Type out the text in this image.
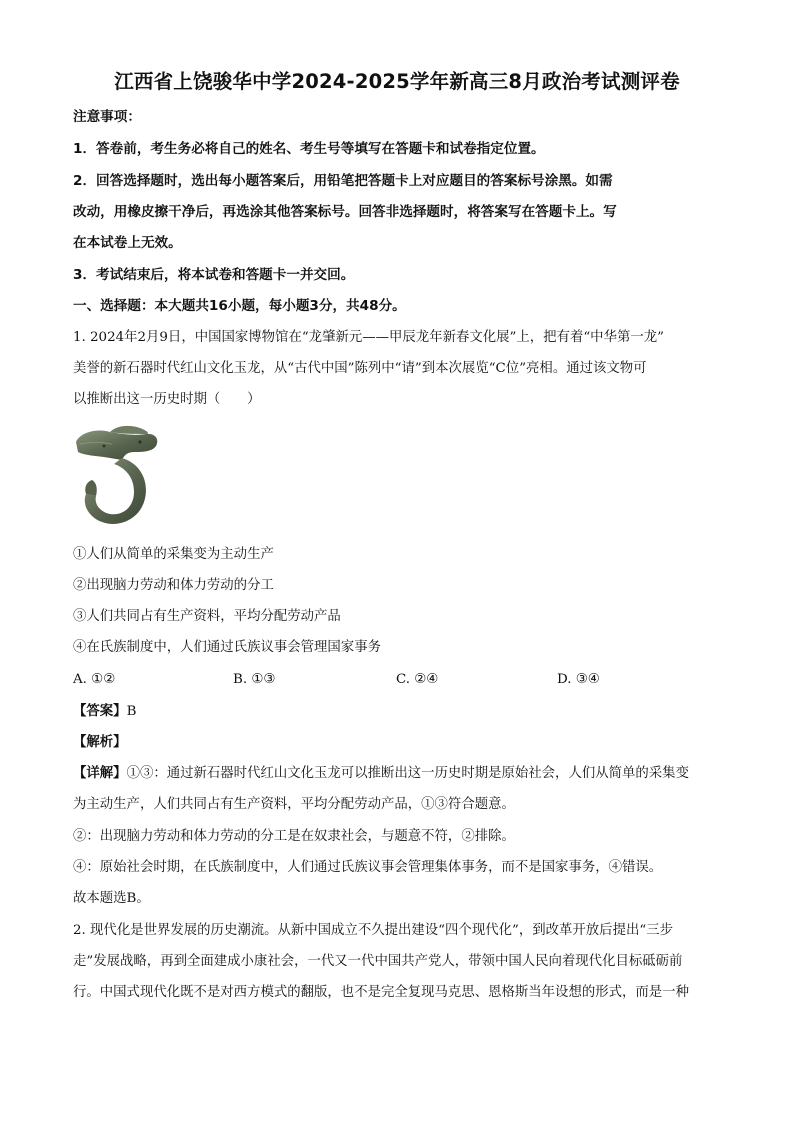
江西省上饶骏华中学2024-2025学年新高三8月政治考试测评卷
注意事项：
1．答卷前，考生务必将自己的姓名、考生号等填写在答题卡和试卷指定位置。
2．回答选择题时，选出每小题答案后，用铅笔把答题卡上对应题目的答案标号涂黑。如需
改动，用橡皮擦干净后，再选涂其他答案标号。回答非选择题时，将答案写在答题卡上。写
在本试卷上无效。
3．考试结束后，将本试卷和答题卡一并交回。
一、选择题：本大题共16小题，每小题3分，共48分。
1. 2024年2月9日，中国国家博物馆在“龙肇新元——甲辰龙年新春文化展”上，把有着“中华第一龙”
美誉的新石器时代红山文化玉龙，从“古代中国”陈列中“请”到本次展览“C位”亮相。通过该文物可
以推断出这一历史时期（　　）
①人们从简单的采集变为主动生产
②出现脑力劳动和体力劳动的分工
③人们共同占有生产资料，平均分配劳动产品
④在氏族制度中，人们通过氏族议事会管理国家事务
A. ①②	B. ①③	C. ②④	D. ③④
【答案】B
【解析】
【详解】①③：通过新石器时代红山文化玉龙可以推断出这一历史时期是原始社会，人们从简单的采集变
为主动生产，人们共同占有生产资料，平均分配劳动产品，①③符合题意。
②：出现脑力劳动和体力劳动的分工是在奴隶社会，与题意不符，②排除。
④：原始社会时期，在氏族制度中，人们通过氏族议事会管理集体事务，而不是国家事务，④错误。
故本题选B。
2. 现代化是世界发展的历史潮流。从新中国成立不久提出建设“四个现代化”，到改革开放后提出“三步
走”发展战略，再到全面建成小康社会，一代又一代中国共产党人，带领中国人民向着现代化目标砥砺前
行。中国式现代化既不是对西方模式的翻版，也不是完全复现马克思、恩格斯当年设想的形式，而是一种
